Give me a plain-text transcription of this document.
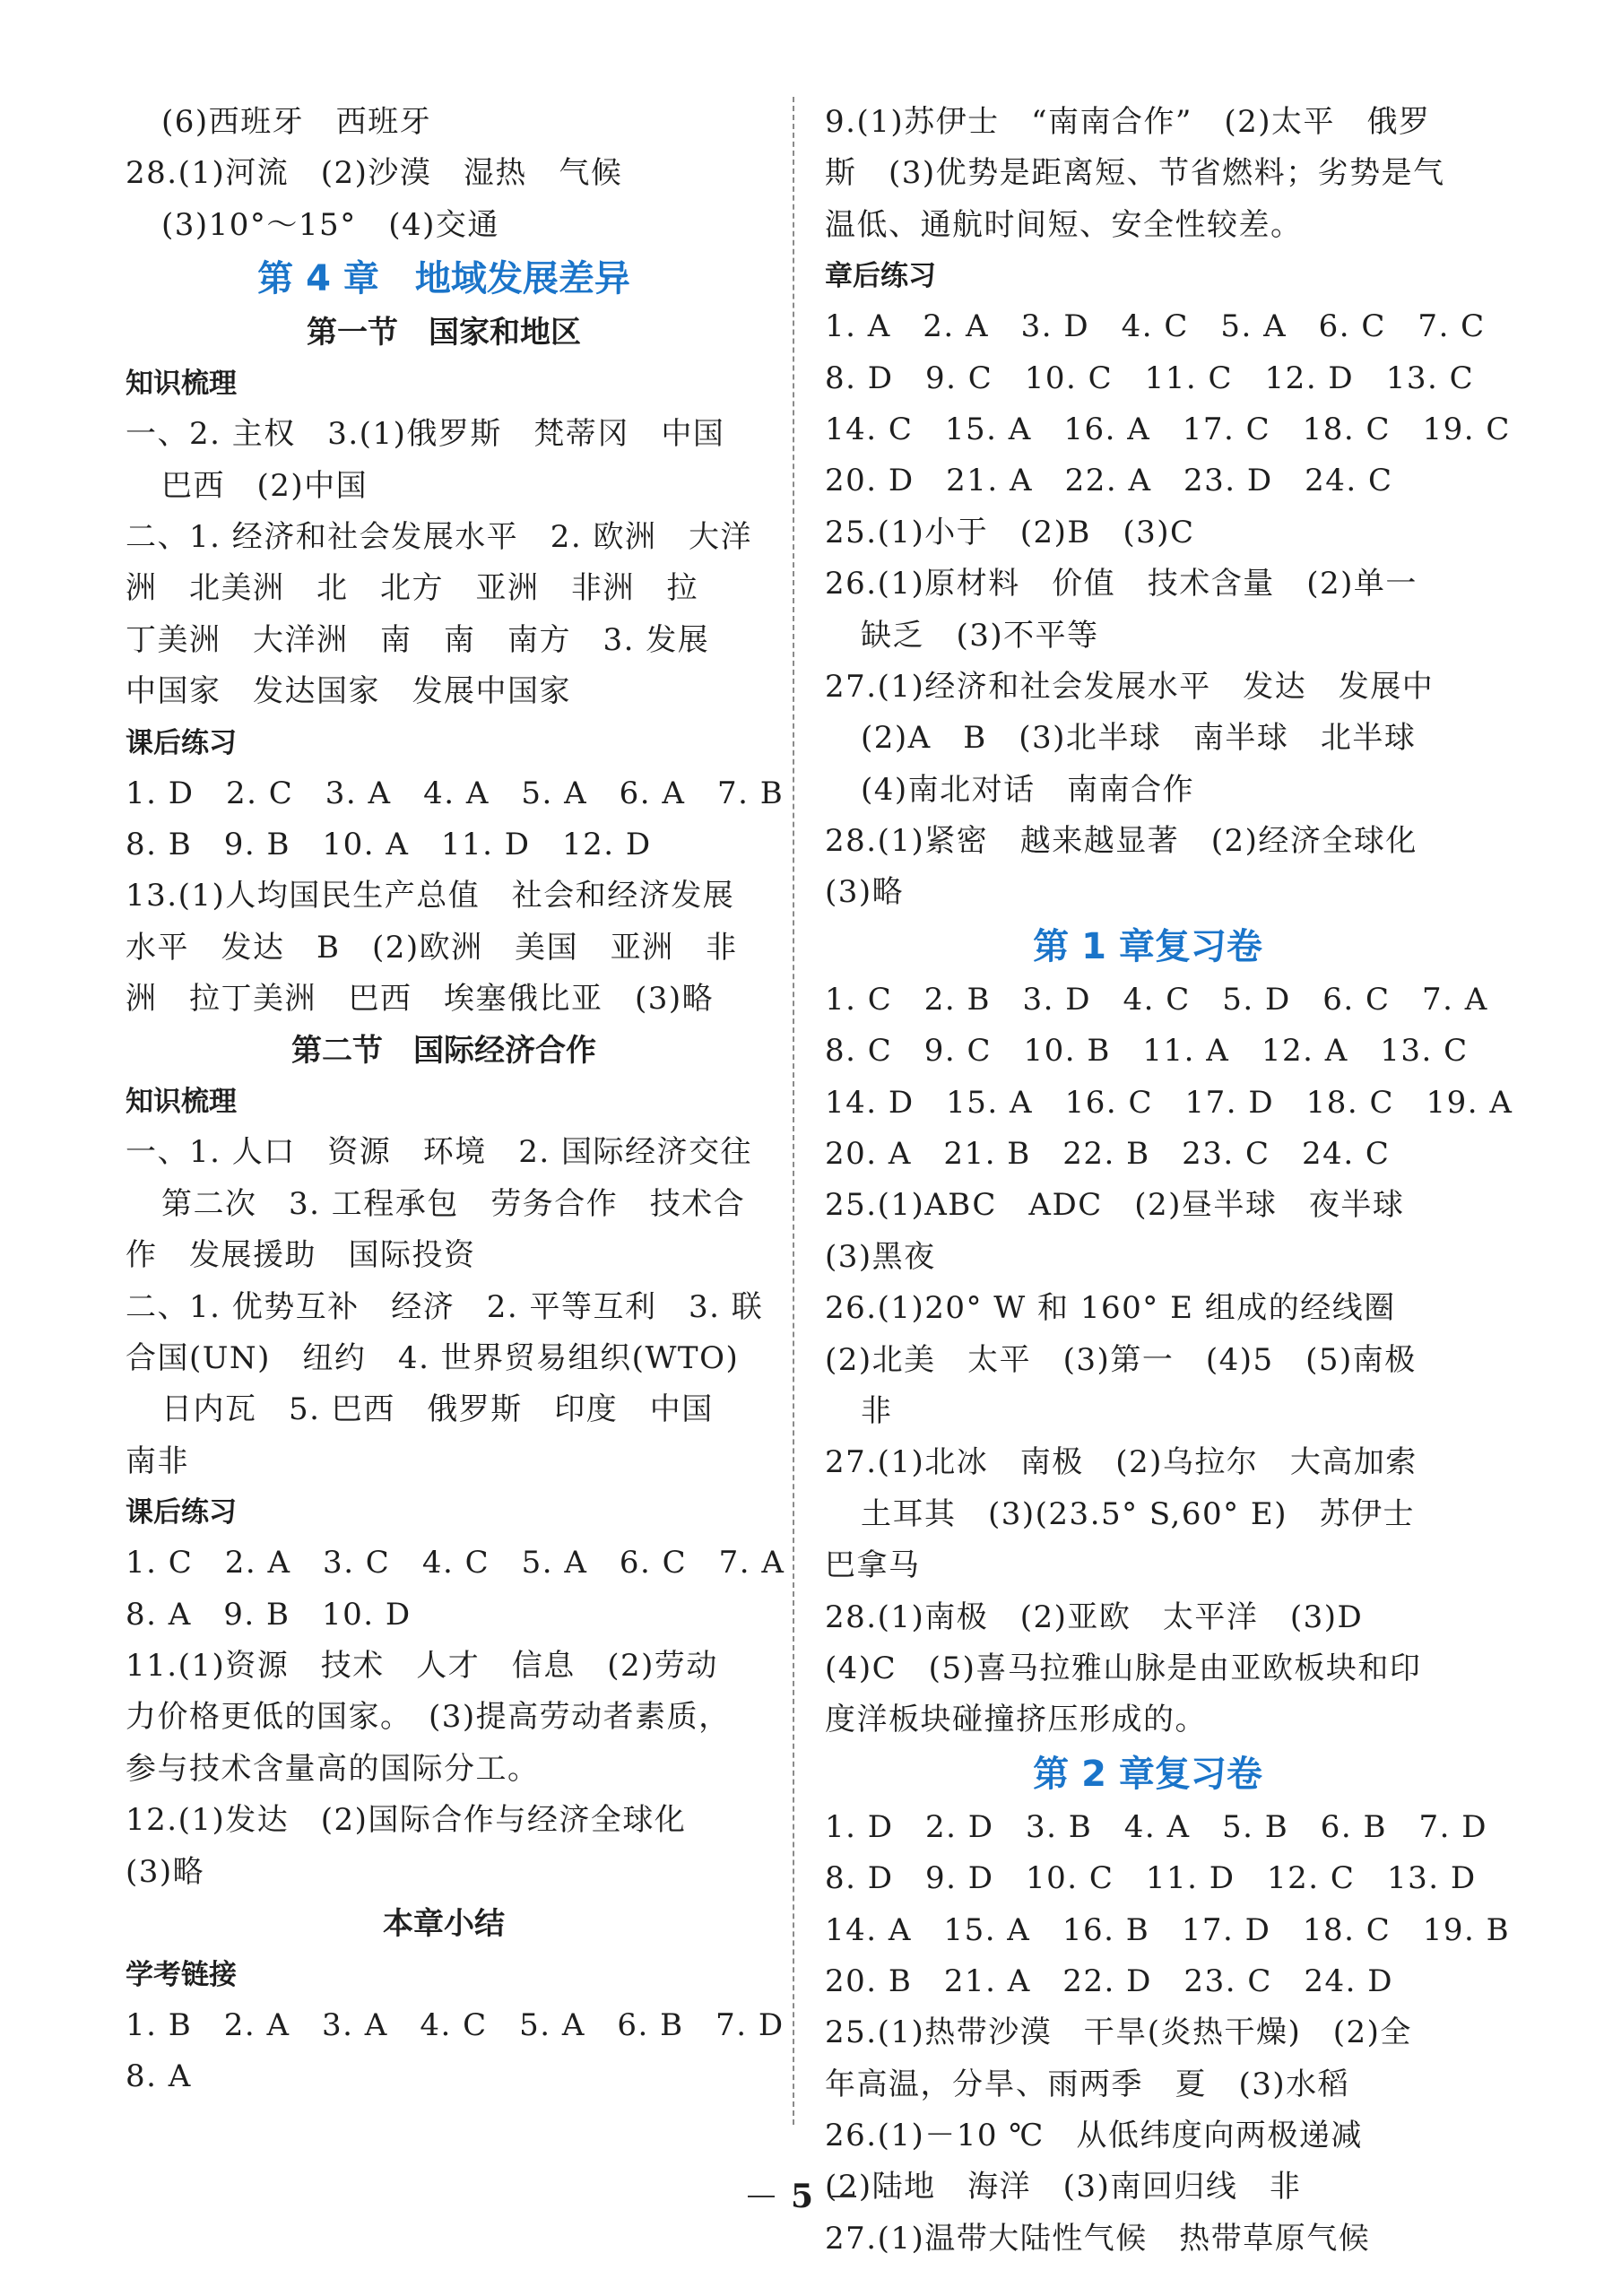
(6)西班牙　西班牙
28.(1)河流　(2)沙漠　湿热　气候
(3)10°～15°　(4)交通
第 4 章　地域发展差异
第一节　国家和地区
知识梳理
一、2. 主权　3.(1)俄罗斯　梵蒂冈　中国
巴西　(2)中国
二、1. 经济和社会发展水平　2. 欧洲　大洋
洲　北美洲　北　北方　亚洲　非洲　拉
丁美洲　大洋洲　南　南　南方　3. 发展
中国家　发达国家　发展中国家
课后练习
1. D　2. C　3. A　4. A　5. A　6. A　7. B
8. B　9. B　10. A　11. D　12. D
13.(1)人均国民生产总值　社会和经济发展
水平　发达　B　(2)欧洲　美国　亚洲　非
洲　拉丁美洲　巴西　埃塞俄比亚　(3)略
第二节　国际经济合作
知识梳理
一、1. 人口　资源　环境　2. 国际经济交往
第二次　3. 工程承包　劳务合作　技术合
作　发展援助　国际投资
二、1. 优势互补　经济　2. 平等互利　3. 联
合国(UN)　纽约　4. 世界贸易组织(WTO)
日内瓦　5. 巴西　俄罗斯　印度　中国
南非
课后练习
1. C　2. A　3. C　4. C　5. A　6. C　7. A
8. A　9. B　10. D
11.(1)资源　技术　人才　信息　(2)劳动
力价格更低的国家。　(3)提高劳动者素质，
参与技术含量高的国际分工。
12.(1)发达　(2)国际合作与经济全球化
(3)略
本章小结
学考链接
1. B　2. A　3. A　4. C　5. A　6. B　7. D
8. A
9.(1)苏伊士　“南南合作”　(2)太平　俄罗
斯　(3)优势是距离短、节省燃料；劣势是气
温低、通航时间短、安全性较差。
章后练习
1. A　2. A　3. D　4. C　5. A　6. C　7. C
8. D　9. C　10. C　11. C　12. D　13. C
14. C　15. A　16. A　17. C　18. C　19. C
20. D　21. A　22. A　23. D　24. C
25.(1)小于　(2)B　(3)C
26.(1)原材料　价值　技术含量　(2)单一
缺乏　(3)不平等
27.(1)经济和社会发展水平　发达　发展中
(2)A　B　(3)北半球　南半球　北半球
(4)南北对话　南南合作
28.(1)紧密　越来越显著　(2)经济全球化
(3)略
第 1 章复习卷
1. C　2. B　3. D　4. C　5. D　6. C　7. A
8. C　9. C　10. B　11. A　12. A　13. C
14. D　15. A　16. C　17. D　18. C　19. A
20. A　21. B　22. B　23. C　24. C
25.(1)ABC　ADC　(2)昼半球　夜半球
(3)黑夜
26.(1)20° W 和 160° E 组成的经线圈
(2)北美　太平　(3)第一　(4)5　(5)南极
非
27.(1)北冰　南极　(2)乌拉尔　大高加索
土耳其　(3)(23.5° S,60° E)　苏伊士
巴拿马
28.(1)南极　(2)亚欧　太平洋　(3)D
(4)C　(5)喜马拉雅山脉是由亚欧板块和印
度洋板块碰撞挤压形成的。
第 2 章复习卷
1. D　2. D　3. B　4. A　5. B　6. B　7. D
8. D　9. D　10. C　11. D　12. C　13. D
14. A　15. A　16. B　17. D　18. C　19. B
20. B　21. A　22. D　23. C　24. D
25.(1)热带沙漠　干旱(炎热干燥)　(2)全
年高温，分旱、雨两季　夏　(3)水稻
26.(1)－10 ℃　从低纬度向两极递减
(2)陆地　海洋　(3)南回归线　非
27.(1)温带大陆性气候　热带草原气候
5
